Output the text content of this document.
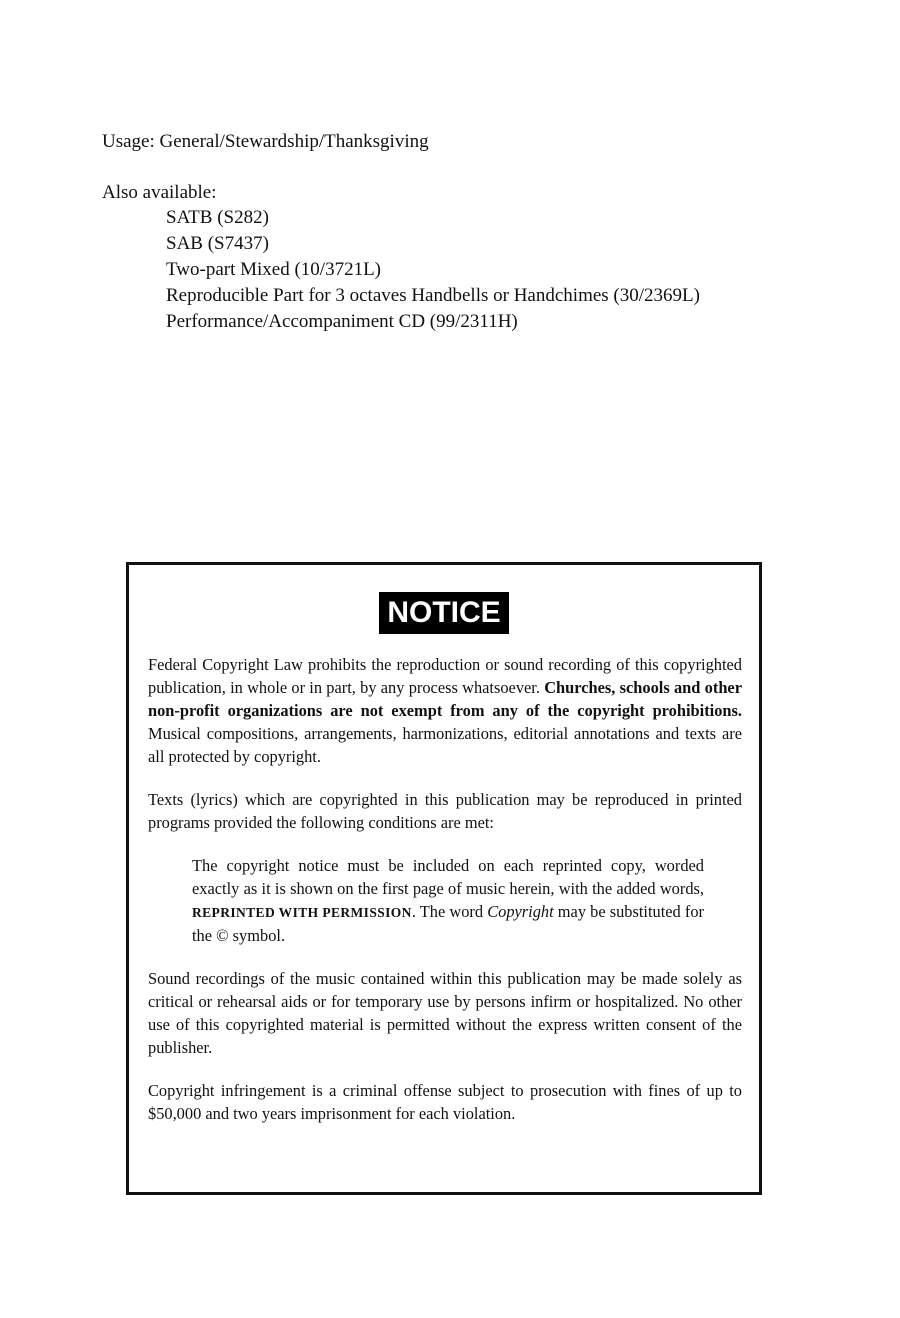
Usage: General/Stewardship/Thanksgiving
Also available:
SATB (S282)
SAB (S7437)
Two-part Mixed (10/3721L)
Reproducible Part for 3 octaves Handbells or Handchimes (30/2369L)
Performance/Accompaniment CD (99/2311H)
NOTICE

Federal Copyright Law prohibits the reproduction or sound recording of this copyrighted publication, in whole or in part, by any process whatsoever. Churches, schools and other non-profit organizations are not exempt from any of the copyright prohibitions. Musical compositions, arrangements, harmonizations, editorial annotations and texts are all protected by copyright.

Texts (lyrics) which are copyrighted in this publication may be reproduced in printed programs provided the following conditions are met:

The copyright notice must be included on each reprinted copy, worded exactly as it is shown on the first page of music herein, with the added words, REPRINTED WITH PERMISSION. The word Copyright may be substituted for the © symbol.

Sound recordings of the music contained within this publication may be made solely as critical or rehearsal aids or for temporary use by persons infirm or hospitalized. No other use of this copyrighted material is permitted without the express written consent of the publisher.

Copyright infringement is a criminal offense subject to prosecution with fines of up to $50,000 and two years imprisonment for each violation.
